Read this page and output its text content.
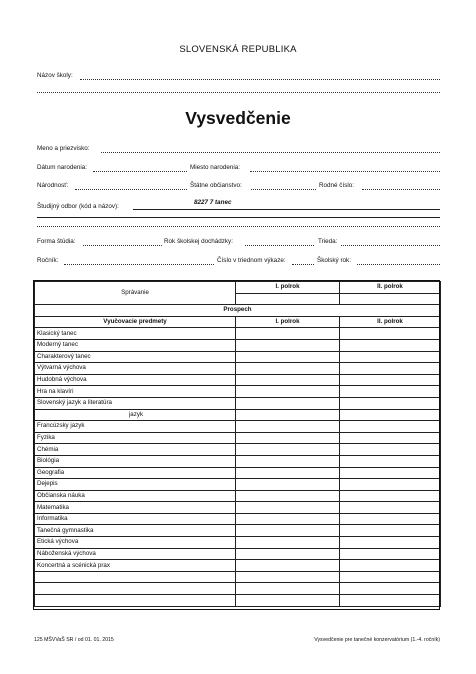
SLOVENSKÁ REPUBLIKA
Názov školy:
Vysvedčenie
Meno a priezvisko:
Dátum narodenia:	Miesto narodenia:
Národnosť:	Štátne občianstvo:	Rodné číslo:
Študijný odbor (kód a názov):
8227 7 tanec
Forma štúdia:	Rok školskej dochádzky:	Trieda:
Ročník:	Číslo v triednom výkaze:	Školský rok:
Správanie	I. polrok	II. polrok

Prospech		
Vyučovacie predmety	I. polrok	II. polrok
Klasický tanec		
Moderný tanec		
Charakterový tanec		
Výtvarná výchova		
Hudobná výchova		
Hra na klavíri		
Slovenský jazyk a literatúra		
jazyk		
Francúzsky jazyk		
Fyzika		
Chémia		
Biológia		
Geografia		
Dejepis		
Občianska náuka		
Matematika		
Informatika		
Tanečná gymnastika		
Etická výchova		
Náboženská výchova		
Koncertná a scénická prax		

125 MŠVVaŠ SR / od 01. 01. 2015	Vysvedčenie pre tanečné konzervatórium (1.-4. ročník)
